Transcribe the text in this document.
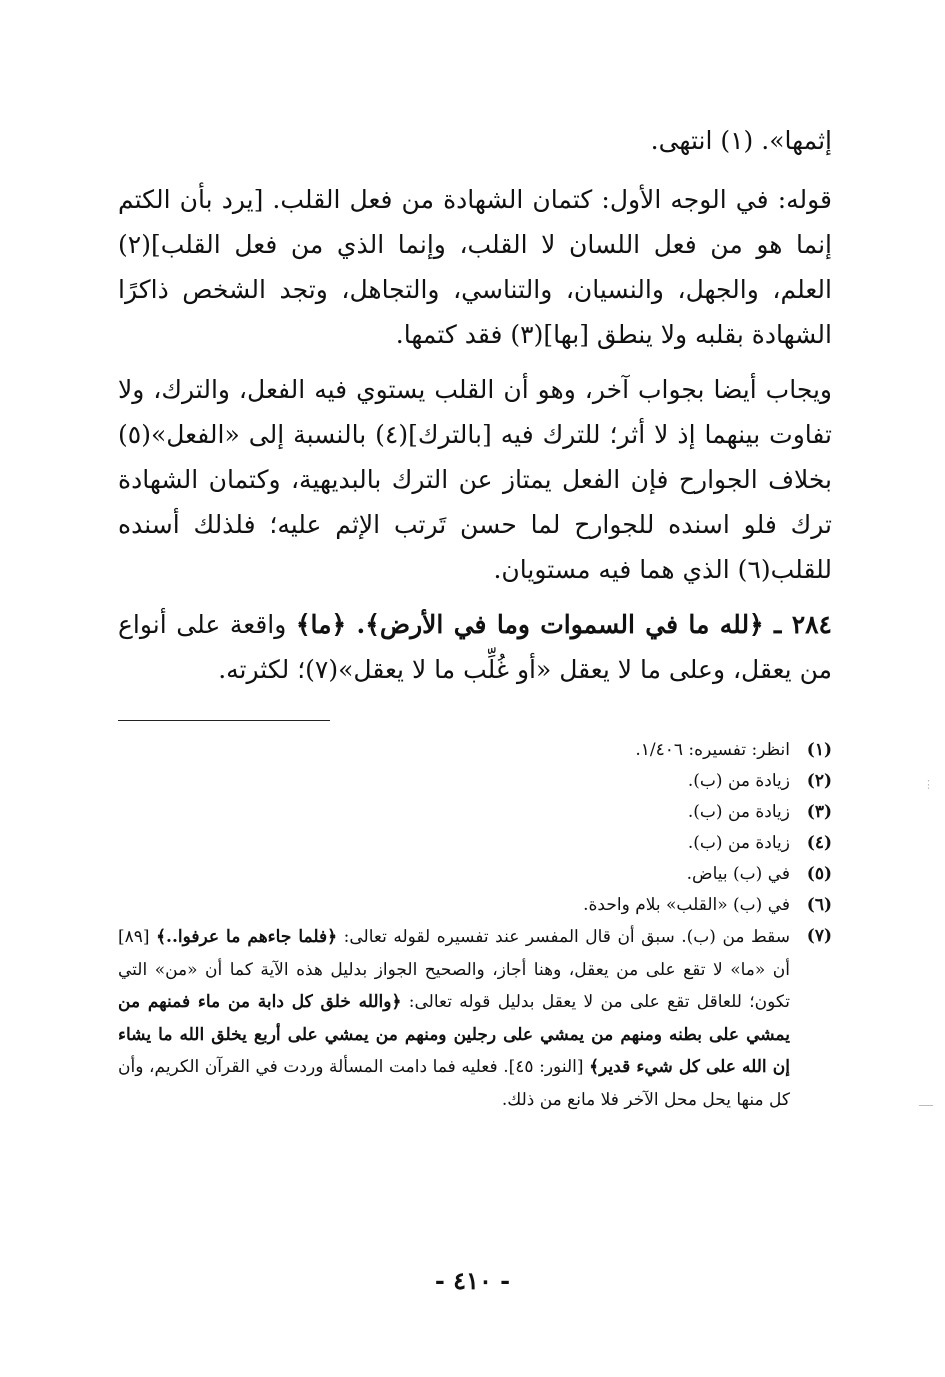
إثمها». (١) انتهى.

قوله: في الوجه الأول: كتمان الشهادة من فعل القلب. [يرد بأن الكتم إنما هو من فعل اللسان لا القلب، وإنما الذي من فعل القلب](٢) العلم، والجهل، والنسيان، والتناسي، والتجاهل، وتجد الشخص ذاكرًا الشهادة بقلبه ولا ينطق [بها](٣) فقد كتمها.

ويجاب أيضا بجواب آخر، وهو أن القلب يستوي فيه الفعل، والترك، ولا تفاوت بينهما إذ لا أثر؛ للترك فيه [بالترك](٤) بالنسبة إلى «الفعل»(٥) بخلاف الجوارح فإن الفعل يمتاز عن الترك بالبديهية، وكتمان الشهادة ترك فلو اسنده للجوارح لما حسن تَرتب الإثم عليه؛ فلذلك أسنده للقلب(٦) الذي هما فيه مستويان.

٢٨٤ ـ ﴿لله ما في السموات وما في الأرض﴾. ﴿ما﴾ واقعة على أنواع من يعقل، وعلى ما لا يعقل «أو غُلِّب ما لا يعقل»(٧)؛ لكثرته.

(١)
انظر: تفسيره: ١/٤٠٦.
(٢)
زيادة من (ب).
(٣)
زيادة من (ب).
(٤)
زيادة من (ب).
(٥)
في (ب) بياض.
(٦)
في (ب) «القلب» بلام واحدة.
(٧)
سقط من (ب). سبق أن قال المفسر عند تفسيره لقوله تعالى: ﴿فلما جاءهم ما عرفوا..﴾ [٨٩] أن «ما» لا تقع على من يعقل، وهنا أجاز، والصحيح الجواز بدليل هذه الآية كما أن «من» التي تكون؛ للعاقل تقع على من لا يعقل بدليل قوله تعالى: ﴿والله خلق كل دابة من ماء فمنهم من يمشي على بطنه ومنهم من يمشي على رجلين ومنهم من يمشي على أربع يخلق الله ما يشاء إن الله على كل شيء قدير﴾ [النور: ٤٥]. فعليه فما دامت المسألة وردت في القرآن الكريم، وأن كل منها يحل محل الآخر فلا مانع من ذلك.
- ٤١٠ -
⋮
